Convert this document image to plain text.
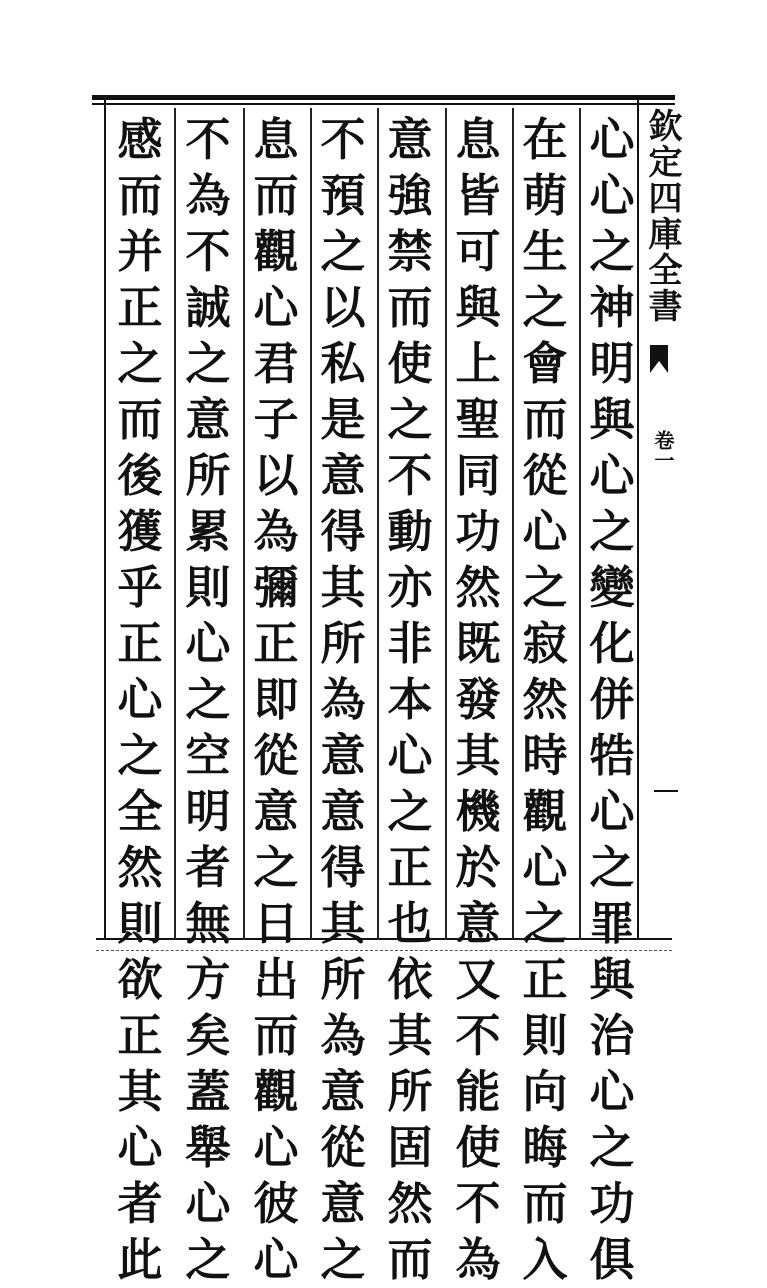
欽定四庫全書
卷一
心
心
之
神
明
與
心
之
變
化
併
牿
心
之
罪
與
治
心
之
功
俱
在
萌
生
之
會
而
從
心
之
寂
然
時
觀
心
之
正
則
向
晦
而
入
息
皆
可
與
上
聖
同
功
然
既
發
其
機
於
意
又
不
能
使
不
為
意
強
禁
而
使
之
不
動
亦
非
本
心
之
正
也
依
其
所
固
然
而
不
預
之
以
私
是
意
得
其
所
為
意
意
得
其
所
為
意
從
意
之
息
而
觀
心
君
子
以
為
彌
正
即
從
意
之
日
出
而
觀
心
彼
心
不
為
不
誠
之
意
所
累
則
心
之
空
明
者
無
方
矣
蓋
舉
心
之
感
而
并
正
之
而
後
獲
乎
正
心
之
全
然
則
欲
正
其
心
者
此
